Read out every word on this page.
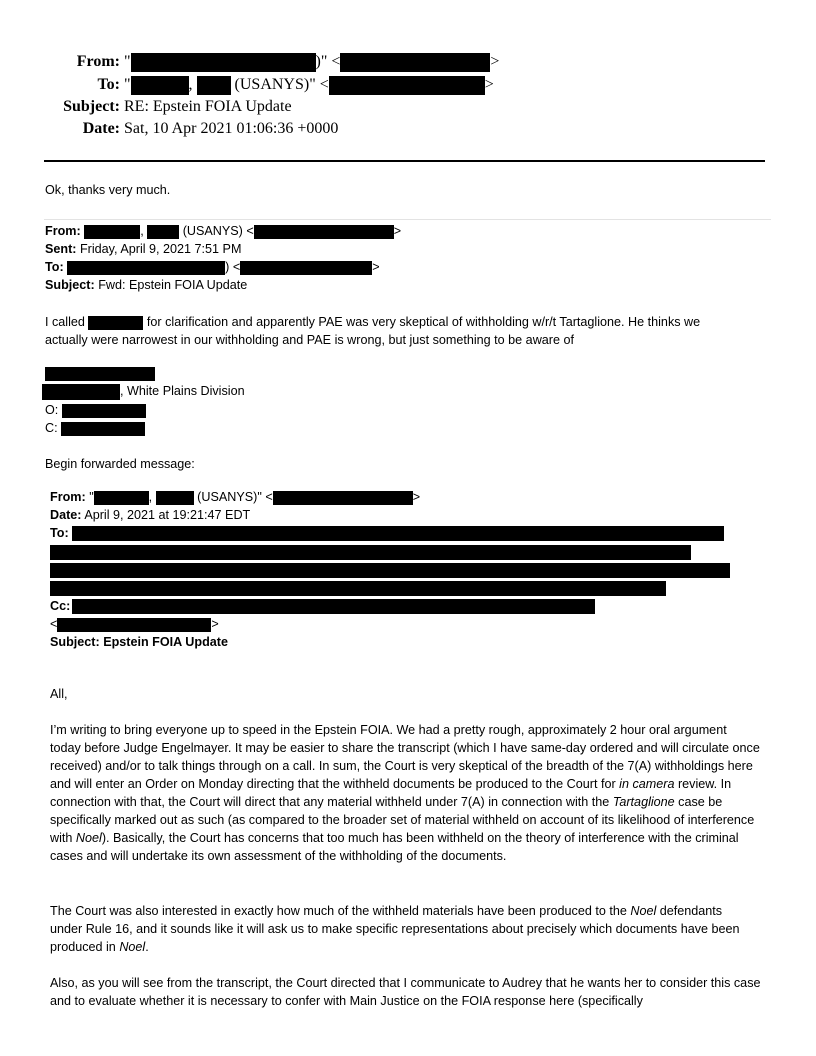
From: "	)" <	>
To: "	,	(USANYS)" <	>
Subject: RE: Epstein FOIA Update
Date: Sat, 10 Apr 2021 01:06:36 +0000
Ok, thanks very much.
From:	,	(USANYS) <	>
Sent: Friday, April 9, 2021 7:51 PM
To:	) <	>
Subject: Fwd: Epstein FOIA Update
I called	for clarification and apparently PAE was very skeptical of withholding w/r/t Tartaglione. He thinks we
actually were narrowest in our withholding and PAE is wrong, but just something to be aware of
, White Plains Division
O:
C:
Begin forwarded message:
From: "	,	(USANYS)" <	>
Date: April 9, 2021 at 19:21:47 EDT
To:
Cc:
<	>
Subject: Epstein FOIA Update
All,
I’m writing to bring everyone up to speed in the Epstein FOIA. We had a pretty rough, approximately 2 hour oral argument today before Judge Engelmayer. It may be easier to share the transcript (which I have same-day ordered and will circulate once received) and/or to talk things through on a call. In sum, the Court is very skeptical of the breadth of the 7(A) withholdings here and will enter an Order on Monday directing that the withheld documents be produced to the Court for in camera review. In connection with that, the Court will direct that any material withheld under 7(A) in connection with the Tartaglione case be specifically marked out as such (as compared to the broader set of material withheld on account of its likelihood of interference with Noel). Basically, the Court has concerns that too much has been withheld on the theory of interference with the criminal cases and will undertake its own assessment of the withholding of the documents.
The Court was also interested in exactly how much of the withheld materials have been produced to the Noel defendants under Rule 16, and it sounds like it will ask us to make specific representations about precisely which documents have been produced in Noel.
Also, as you will see from the transcript, the Court directed that I communicate to Audrey that he wants her to consider this case and to evaluate whether it is necessary to confer with Main Justice on the FOIA response here (specifically
